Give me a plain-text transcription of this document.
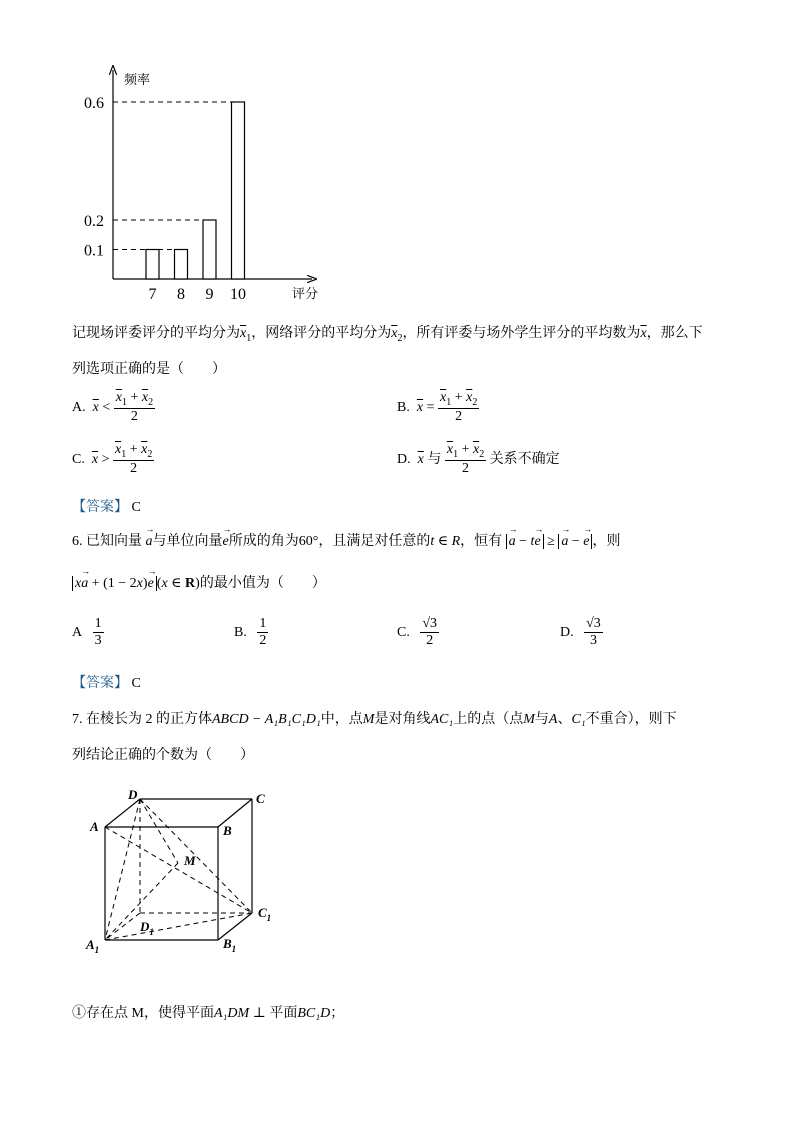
0.6
0.2
0.1
7 8 9 10
频率
评分
记现场评委评分的平均分为$\overline{x}_1$，网络评分的平均分为$\overline{x}_2$，所有评委与场外学生评分的平均数为$\overline{x}$，那么下
列选项正确的是（　　）
A. $\overline{x} < \frac{\overline{x}_1 + \overline{x}_2}{2}$	B. $\overline{x} = \frac{\overline{x}_1 + \overline{x}_2}{2}$
C. $\overline{x} > \frac{\overline{x}_1 + \overline{x}_2}{2}$	D. $\overline{x}$ 与 $\frac{\overline{x}_1 + \overline{x}_2}{2}$ 关系不确定
【答案】 C
6. 已知向量 → a与单位向量→ e所成的角为60°，且满足对任意的t ∈ R，恒有 → a − t→ e ≥ → a − → e ，则
x→ a + (1 − 2x)→ e (x ∈ R)的最小值为（　　）
A $\frac{1}{3}$	B. $\frac{1}{2}$	C. $\frac{√3}{2}$	D. $\frac{√3}{3}$
【答案】 C
7. 在棱长为 2 的正方体ABCD − A₁B₁C₁D₁中，点M是对角线AC₁上的点（点M与A、C₁不重合），则下
列结论正确的个数为（　　）
D	C
A	B
M
$C_1$
$D_1$
$A_1$	$B_1$
①存在点 M，使得平面A₁DM ⊥ 平面BC₁D；
